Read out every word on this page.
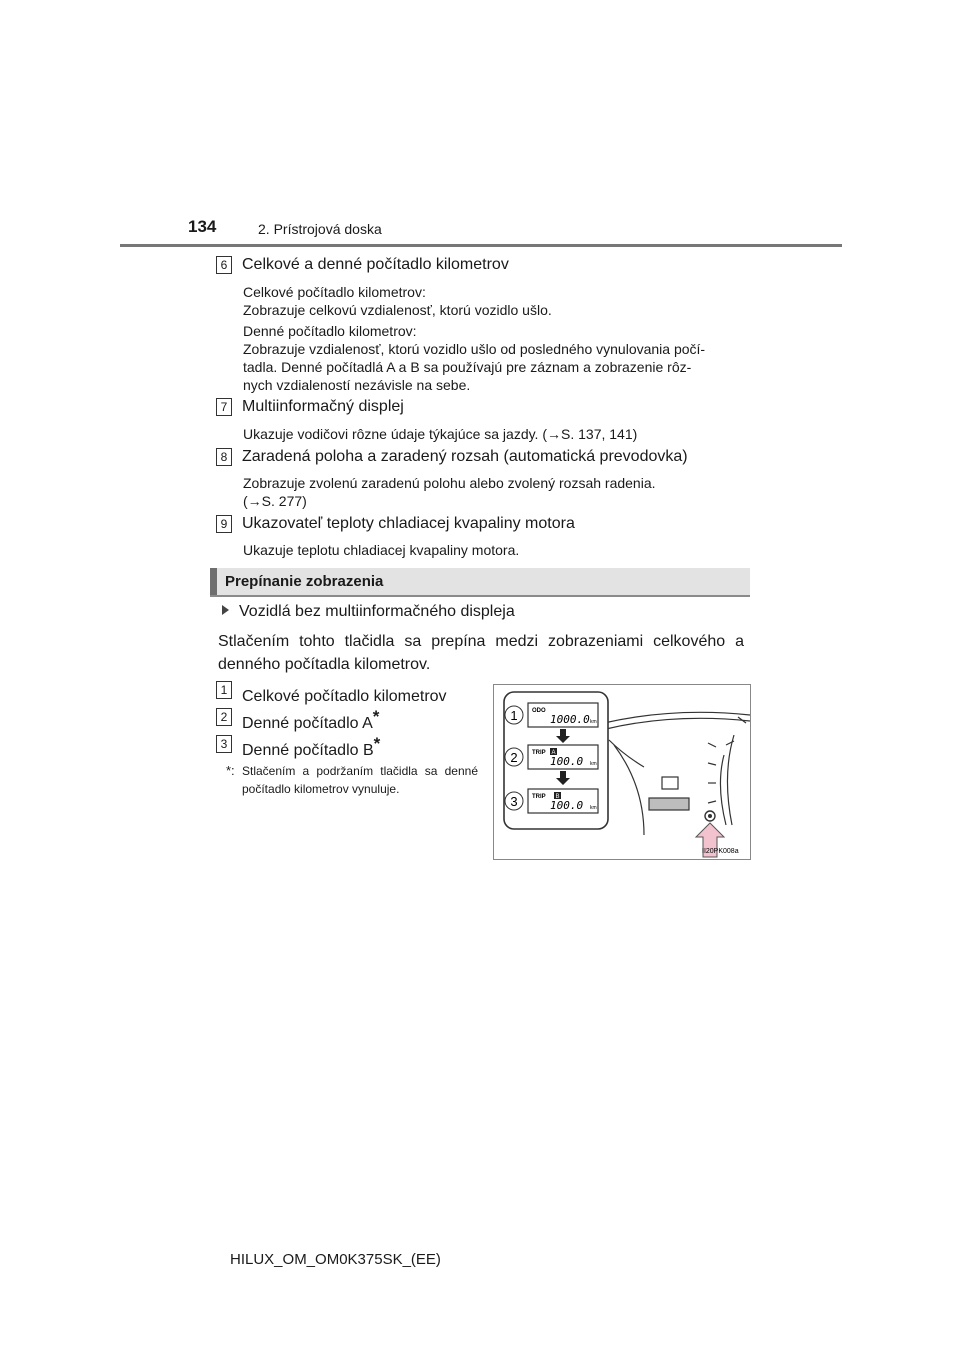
134	2. Prístrojová doska
6 Celkové a denné počítadlo kilometrov
Celkové počítadlo kilometrov:
Zobrazuje celkovú vzdialenosť, ktorú vozidlo ušlo.
Denné počítadlo kilometrov:
Zobrazuje vzdialenosť, ktorú vozidlo ušlo od posledného vynulovania počí-
tadla. Denné počítadlá A a B sa používajú pre záznam a zobrazenie rôz-
nych vzdialeností nezávisle na sebe.
7 Multiinformačný displej
Ukazuje vodičovi rôzne údaje týkajúce sa jazdy. (→S. 137, 141)
8 Zaradená poloha a zaradený rozsah (automatická prevodovka)
Zobrazuje zvolenú zaradenú polohu alebo zvolený rozsah radenia.
(→S. 277)
9 Ukazovateľ teploty chladiacej kvapaliny motora
Ukazuje teplotu chladiacej kvapaliny motora.
Prepínanie zobrazenia
Vozidlá bez multiinformačného displeja
Stlačením tohto tlačidla sa prepína medzi zobrazeniami celkového a denného počítadla kilometrov.
1 Celkové počítadlo kilometrov
2 Denné počítadlo A*
3 Denné počítadlo B*
*: Stlačením a podržaním tlačidla sa denné počítadlo kilometrov vynuluje.
1 ODO
1000.0 km
2 TRIP A
100.0 km
3 TRIP B
100.0 km
II20PK008a
HILUX_OM_OM0K375SK_(EE)
